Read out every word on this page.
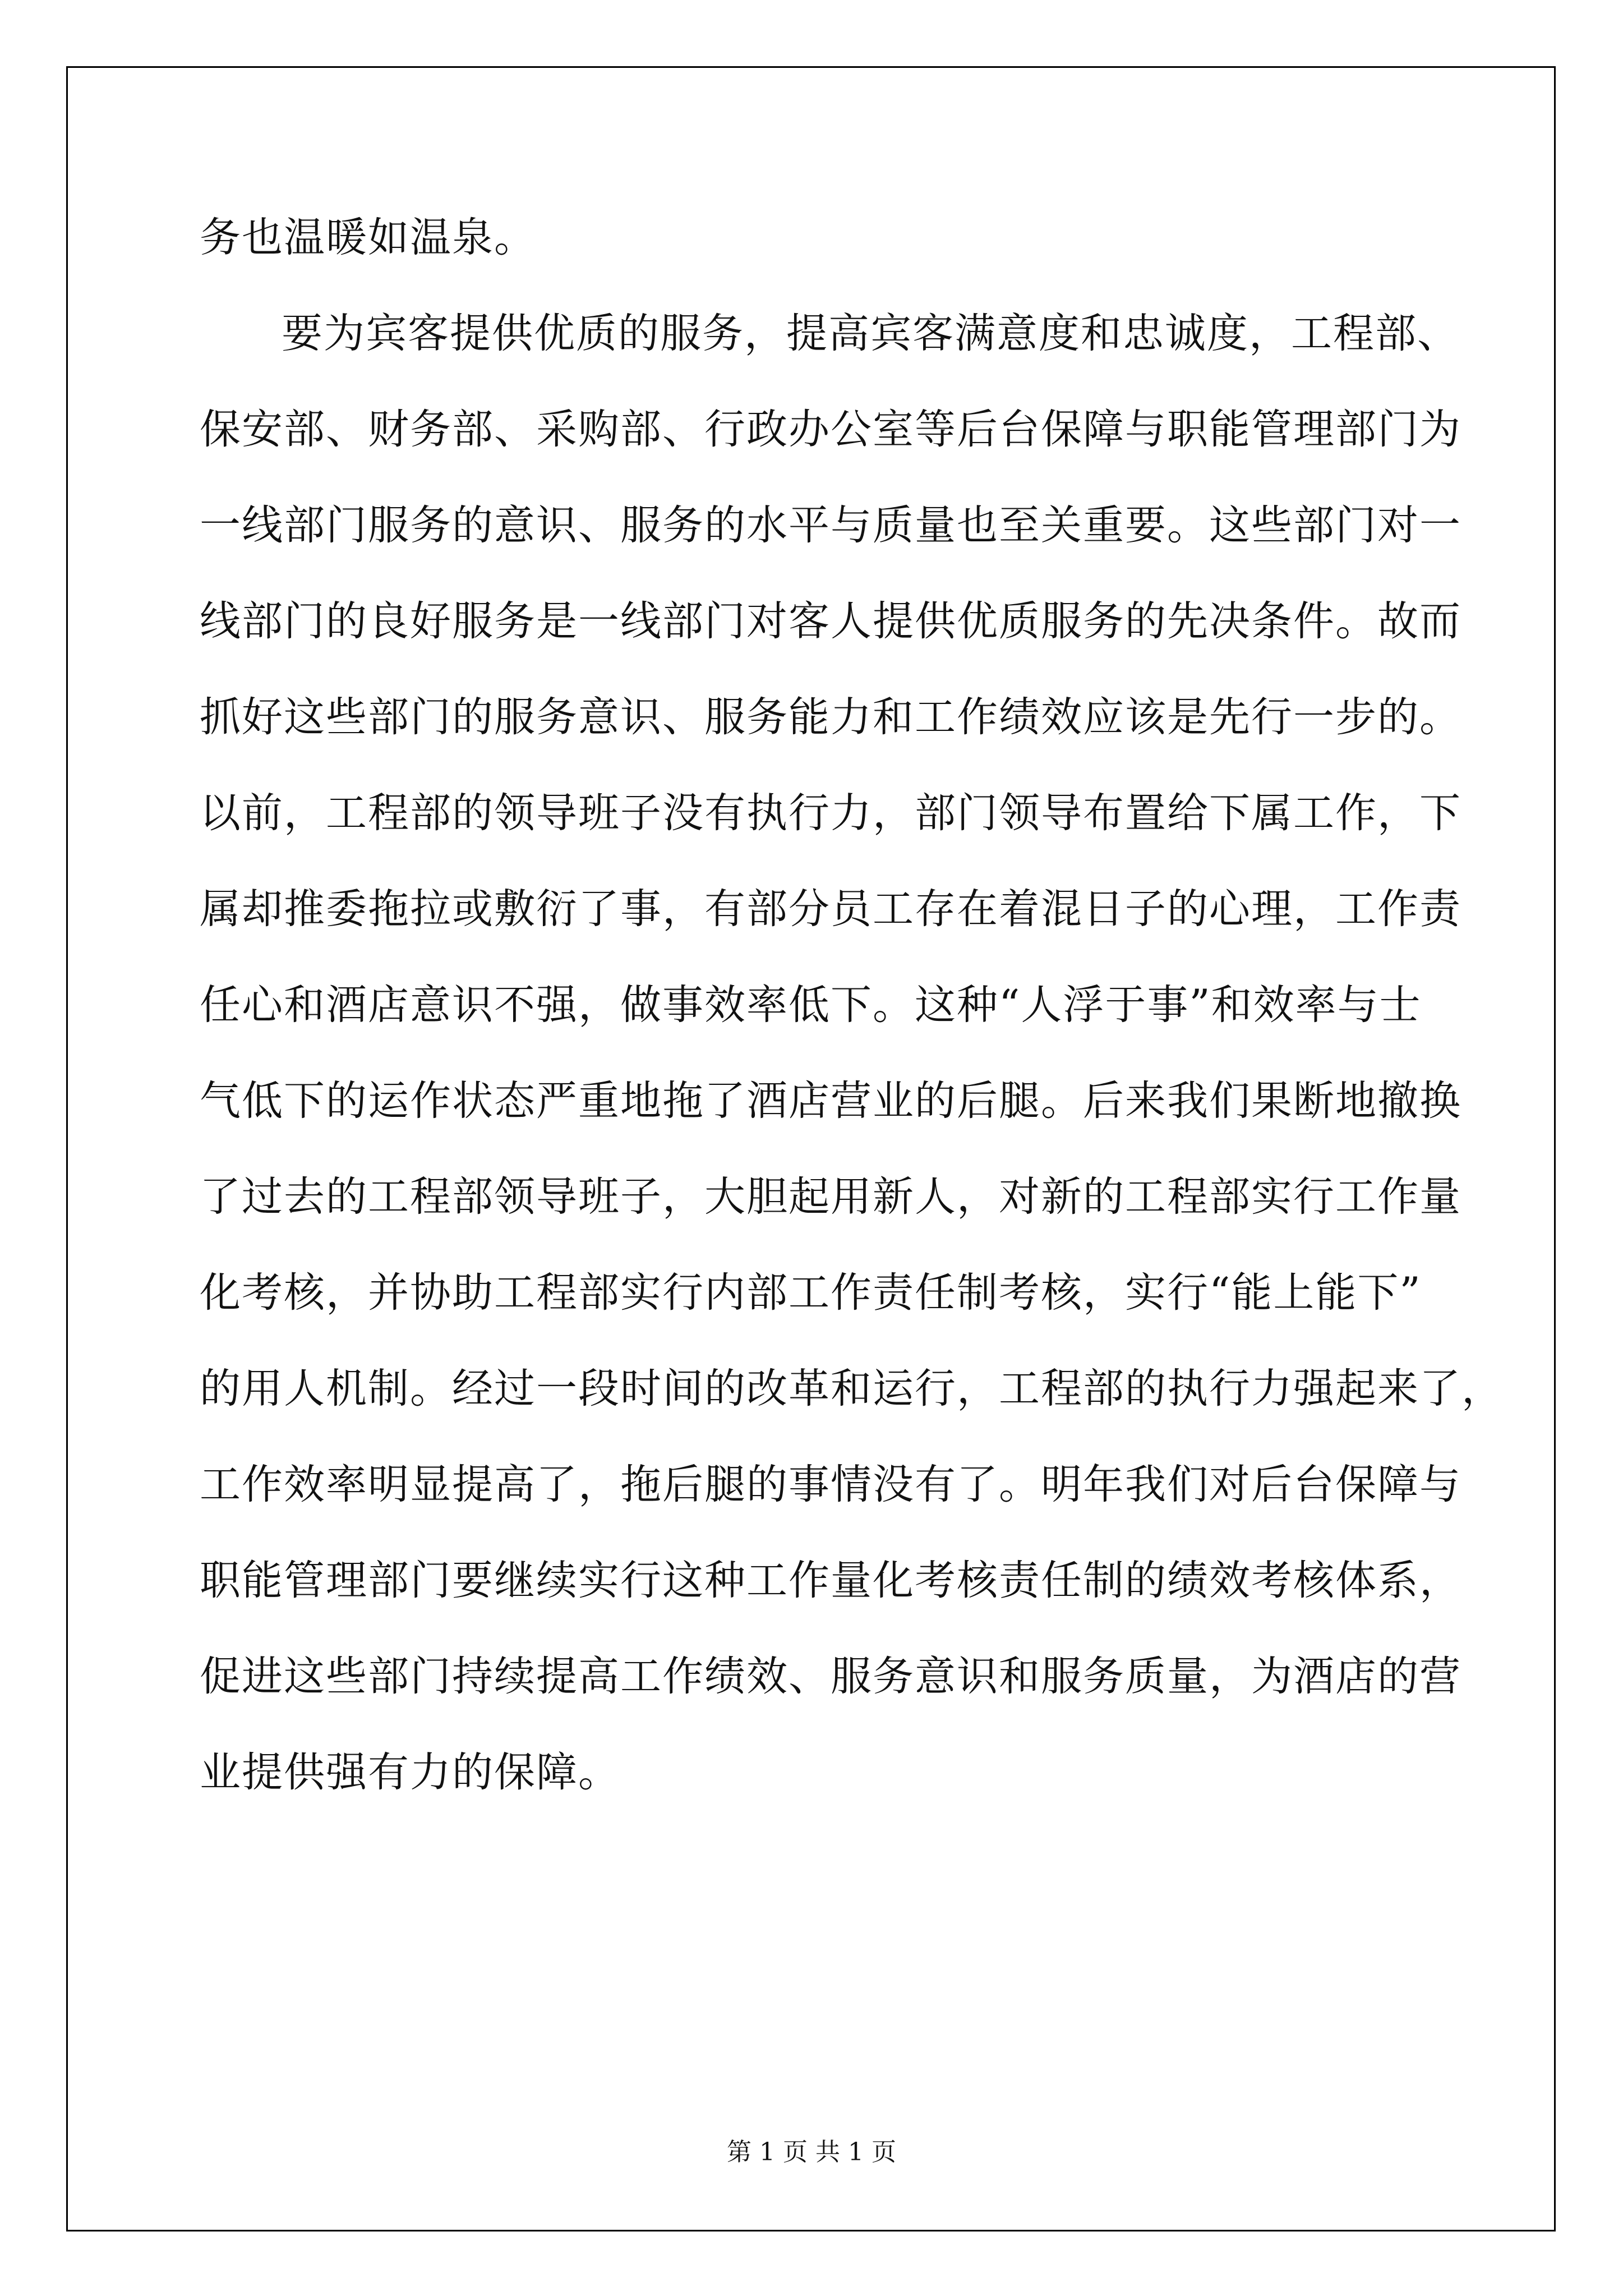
务也温暖如温泉。
要为宾客提供优质的服务，提高宾客满意度和忠诚度，工程部、
保安部、财务部、采购部、行政办公室等后台保障与职能管理部门为
一线部门服务的意识、服务的水平与质量也至关重要。这些部门对一
线部门的良好服务是一线部门对客人提供优质服务的先决条件。故而
抓好这些部门的服务意识、服务能力和工作绩效应该是先行一步的。
以前，工程部的领导班子没有执行力，部门领导布置给下属工作，下
属却推委拖拉或敷衍了事，有部分员工存在着混日子的心理，工作责
任心和酒店意识不强，做事效率低下。这种“人浮于事”和效率与士
气低下的运作状态严重地拖了酒店营业的后腿。后来我们果断地撤换
了过去的工程部领导班子，大胆起用新人，对新的工程部实行工作量
化考核，并协助工程部实行内部工作责任制考核，实行“能上能下”
的用人机制。经过一段时间的改革和运行，工程部的执行力强起来了，
工作效率明显提高了，拖后腿的事情没有了。明年我们对后台保障与
职能管理部门要继续实行这种工作量化考核责任制的绩效考核体系，
促进这些部门持续提高工作绩效、服务意识和服务质量，为酒店的营
业提供强有力的保障。
第 1 页 共 1 页
